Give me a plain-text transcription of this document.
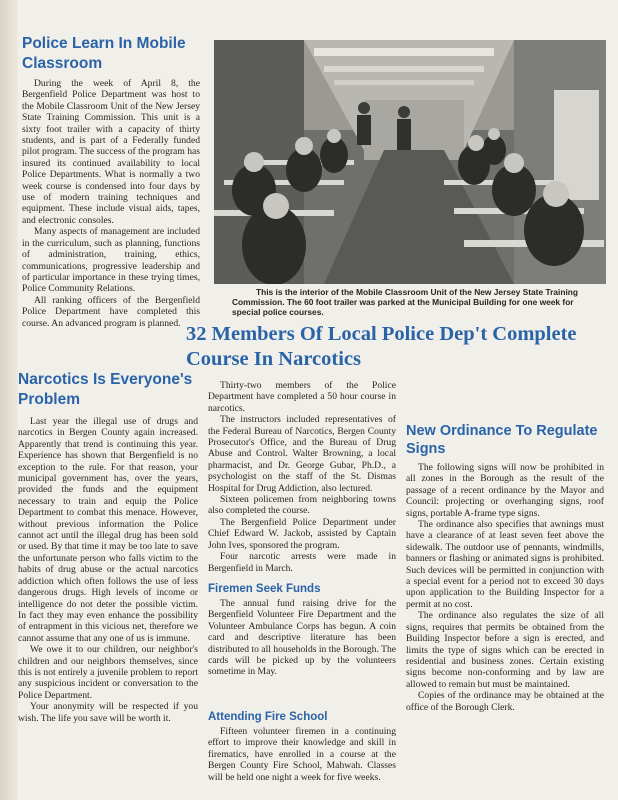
Police Learn In Mobile Classroom

During the week of April 8, the Bergenfield Police Department was host to the Mobile Classroom Unit of the New Jersey State Training Commission. This unit is a sixty foot trailer with a capacity of thirty students, and is part of a Federally funded pilot program. The success of the program has insured its continued availability to local Police Departments. What is normally a two week course is condensed into four days by use of modern training techniques and equipment. These include visual aids, tapes, and electronic consoles.

Many aspects of management are included in the curriculum, such as planning, functions of administration, training, ethics, communications, progressive leadership and of particular importance in these trying times, Police Community Relations.

All ranking officers of the Bergenfield Police Department have completed this course. An advanced program is planned.

This is the interior of the Mobile Classroom Unit of the New Jersey State Training Commission. The 60 foot trailer was parked at the Municipal Building for one week for special police courses.
Narcotics Is Everyone's Problem

Last year the illegal use of drugs and narcotics in Bergen County again increased. Apparently that trend is continuing this year. Experience has shown that Bergenfield is no exception to the rule. For that reason, your municipal government has, over the years, provided the funds and the equipment necessary to train and equip the Police Department to combat this menace. However, without previous information the Police cannot act until the illegal drug has been sold or used. By that time it may be too late to save the unfortunate person who falls victim to the habits of drug abuse or the actual narcotics addiction which often follows the use of less dangerous drugs. High levels of income or intelligence do not deter the possible victim. In fact they may even enhance the possibility of entrapment in this vicious net, therefore we cannot assume that any one of us is immune.

We owe it to our children, our neighbor's children and our neighbors themselves, since this is not entirely a juvenile problem to report any suspicious incident or conversation to the Police Department.

Your anonymity will be respected if you wish. The life you save will be worth it.

32 Members Of Local Police Dep't Complete Course In Narcotics

Thirty-two members of the Police Department have completed a 50 hour course in narcotics.

The instructors included representatives of the Federal Bureau of Narcotics, Bergen County Prosecutor's Office, and the Bureau of Drug Abuse and Control. Walter Browning, a local pharmacist, and Dr. George Gubar, Ph.D., a psychologist on the staff of the St. Dismas Hospital for Drug Addiction, also lectured.

Sixteen policemen from neighboring towns also completed the course.

The Bergenfield Police Department under Chief Edward W. Jackob, assisted by Captain John Ives, sponsored the program.

Four narcotic arrests were made in Bergenfield in March.

Firemen Seek Funds

The annual fund raising drive for the Bergenfield Volunteer Fire Department and the Volunteer Ambulance Corps has begun. A coin card and descriptive literature has been distributed to all households in the Borough. The cards will be picked up by the volunteers sometime in May.

Attending Fire School

Fifteen volunteer firemen in a continuing effort to improve their knowledge and skill in firematics, have enrolled in a course at the Bergen County Fire School, Mahwah. Classes will be held one night a week for five weeks.

New Ordinance To Regulate Signs

The following signs will now be prohibited in all zones in the Borough as the result of the passage of a recent ordinance by the Mayor and Council: projecting or overhanging signs, roof signs, portable A-frame type signs.

The ordinance also specifies that awnings must have a clearance of at least seven feet above the sidewalk. The outdoor use of pennants, windmills, banners or flashing or animated signs is prohibited. Such devices will be permitted in conjunction with a special event for a period not to exceed 30 days upon application to the Building Inspector for a permit at no cost.

The ordinance also regulates the size of all signs, requires that permits be obtained from the Building Inspector before a sign is erected, and limits the type of signs which can be erected in residential and business zones. Certain existing signs become non-conforming and by law are allowed to remain but must be maintained.

Copies of the ordinance may be obtained at the office of the Borough Clerk.
